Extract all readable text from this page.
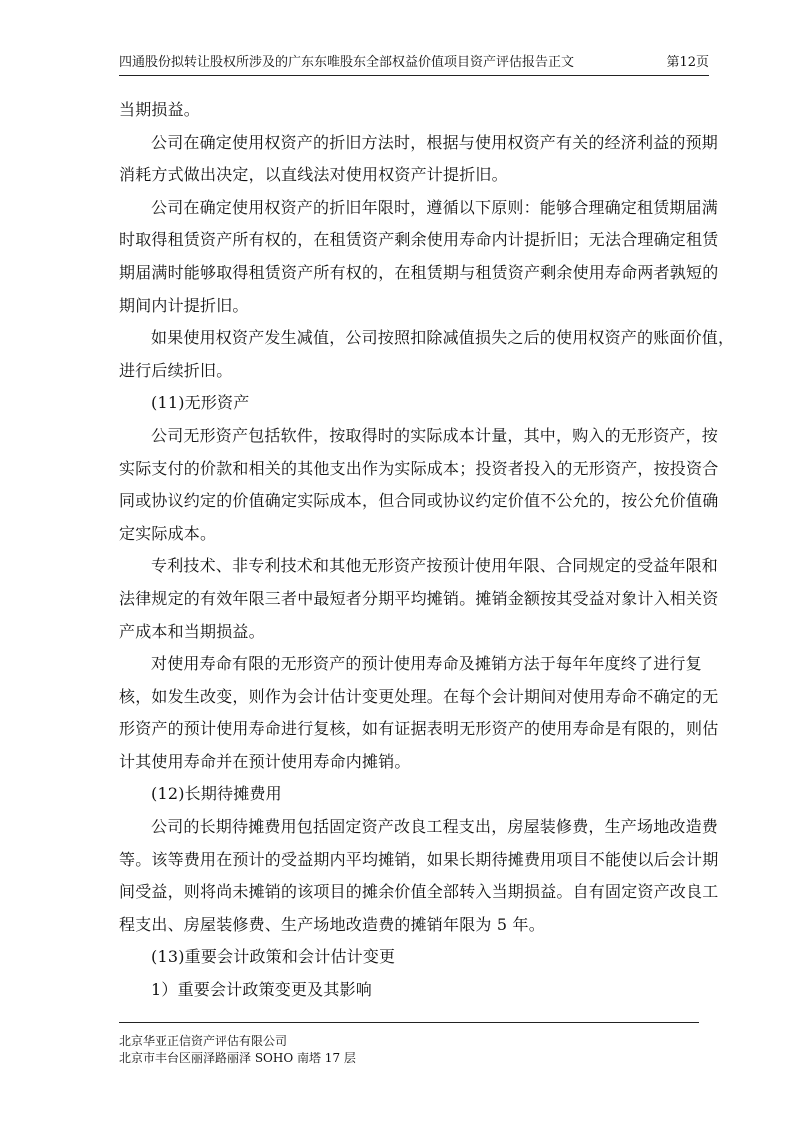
四通股份拟转让股权所涉及的广东东唯股东全部权益价值项目资产评估报告正文	第12页
当期损益。
公司在确定使用权资产的折旧方法时，根据与使用权资产有关的经济利益的预期
消耗方式做出决定，以直线法对使用权资产计提折旧。
公司在确定使用权资产的折旧年限时，遵循以下原则：能够合理确定租赁期届满
时取得租赁资产所有权的，在租赁资产剩余使用寿命内计提折旧；无法合理确定租赁
期届满时能够取得租赁资产所有权的，在租赁期与租赁资产剩余使用寿命两者孰短的
期间内计提折旧。
如果使用权资产发生减值，公司按照扣除减值损失之后的使用权资产的账面价值，
进行后续折旧。
(11)无形资产
公司无形资产包括软件，按取得时的实际成本计量，其中，购入的无形资产，按
实际支付的价款和相关的其他支出作为实际成本；投资者投入的无形资产，按投资合
同或协议约定的价值确定实际成本，但合同或协议约定价值不公允的，按公允价值确
定实际成本。
专利技术、非专利技术和其他无形资产按预计使用年限、合同规定的受益年限和
法律规定的有效年限三者中最短者分期平均摊销。摊销金额按其受益对象计入相关资
产成本和当期损益。
对使用寿命有限的无形资产的预计使用寿命及摊销方法于每年年度终了进行复
核，如发生改变，则作为会计估计变更处理。在每个会计期间对使用寿命不确定的无
形资产的预计使用寿命进行复核，如有证据表明无形资产的使用寿命是有限的，则估
计其使用寿命并在预计使用寿命内摊销。
(12)长期待摊费用
公司的长期待摊费用包括固定资产改良工程支出，房屋装修费，生产场地改造费
等。该等费用在预计的受益期内平均摊销，如果长期待摊费用项目不能使以后会计期
间受益，则将尚未摊销的该项目的摊余价值全部转入当期损益。自有固定资产改良工
程支出、房屋装修费、生产场地改造费的摊销年限为 5 年。
(13)重要会计政策和会计估计变更
1）重要会计政策变更及其影响
北京华亚正信资产评估有限公司
北京市丰台区丽泽路丽泽 SOHO 南塔 17 层
